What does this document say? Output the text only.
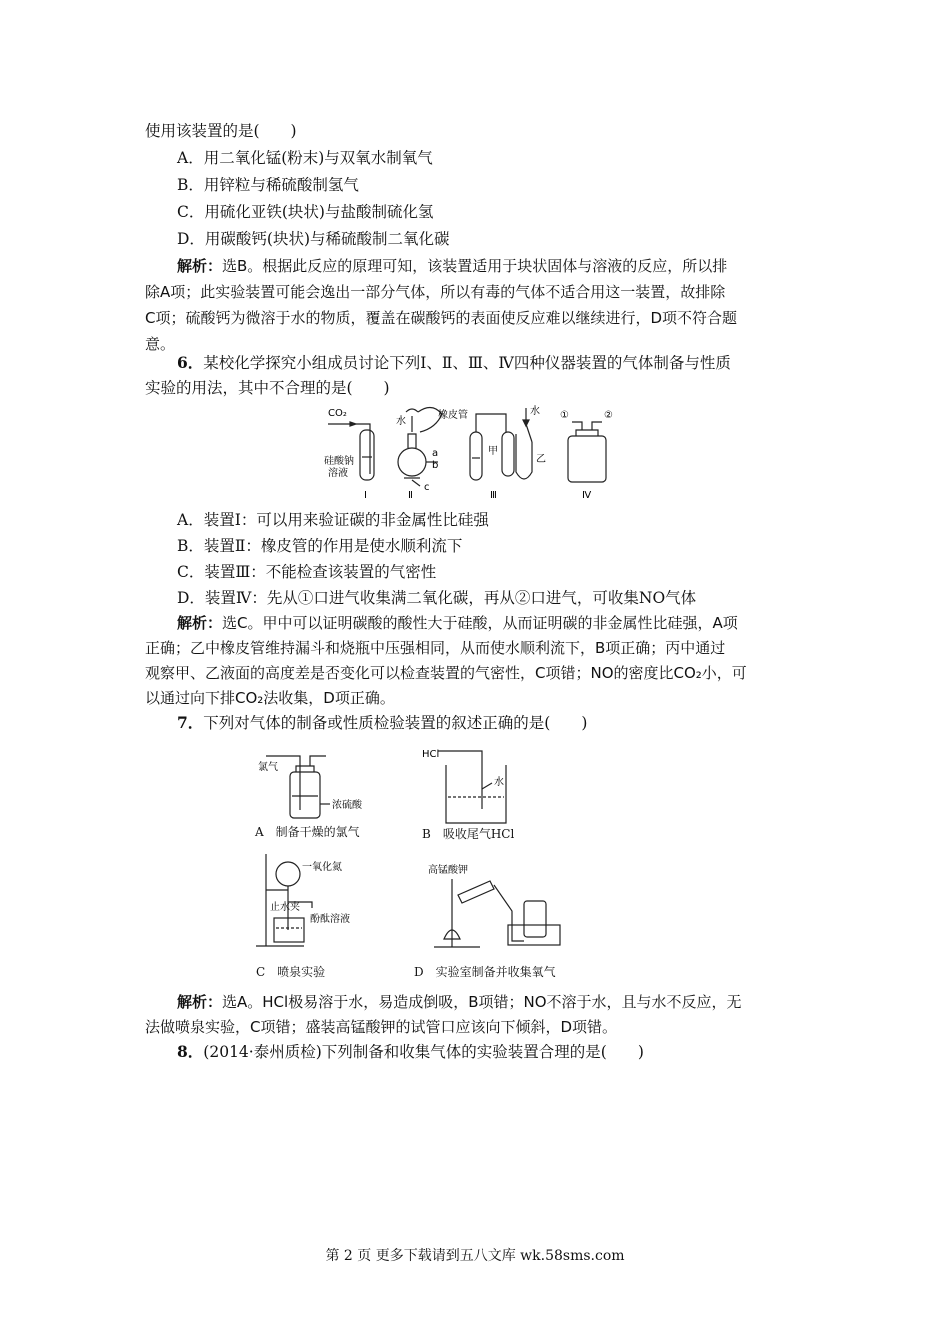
使用该装置的是(　　)
A．用二氧化锰(粉末)与双氧水制氧气
B．用锌粒与稀硫酸制氢气
C．用硫化亚铁(块状)与盐酸制硫化氢
D．用碳酸钙(块状)与稀硫酸制二氧化碳
解析：选B。根据此反应的原理可知，该装置适用于块状固体与溶液的反应，所以排
除A项；此实验装置可能会逸出一部分气体，所以有毒的气体不适合用这一装置，故排除
C项；硫酸钙为微溶于水的物质，覆盖在碳酸钙的表面使反应难以继续进行，D项不符合题
意。
6．某校化学探究小组成员讨论下列Ⅰ、Ⅱ、Ⅲ、Ⅳ四种仪器装置的气体制备与性质
实验的用法，其中不合理的是(　　)
CO₂
硅酸钠
溶液
水
橡皮管
a
b
c
水
甲
乙
①	②
Ⅰ	Ⅱ	Ⅲ	Ⅳ
A．装置Ⅰ：可以用来验证碳的非金属性比硅强
B．装置Ⅱ：橡皮管的作用是使水顺利流下
C．装置Ⅲ：不能检查该装置的气密性
D．装置Ⅳ：先从①口进气收集满二氧化碳，再从②口进气，可收集NO气体
解析：选C。甲中可以证明碳酸的酸性大于硅酸，从而证明碳的非金属性比硅强，A项
正确；乙中橡皮管维持漏斗和烧瓶中压强相同，从而使水顺利流下，B项正确；丙中通过
观察甲、乙液面的高度差是否变化可以检查装置的气密性，C项错；NO的密度比CO₂小，可
以通过向下排CO₂法收集，D项正确。
7．下列对气体的制备或性质检验装置的叙述正确的是(　　)
氯气
浓硫酸
A　制备干燥的氯气
HCl
水
B　吸收尾气HCl
一氧化氮
止水夹
酚酞溶液
C　喷泉实验
高锰酸钾
D　实验室制备并收集氧气
解析：选A。HCl极易溶于水，易造成倒吸，B项错；NO不溶于水，且与水不反应，无
法做喷泉实验，C项错；盛装高锰酸钾的试管口应该向下倾斜，D项错。
8．(2014·泰州质检)下列制备和收集气体的实验装置合理的是(　　)
第 2 页 更多下载请到五八文库 wk.58sms.com
